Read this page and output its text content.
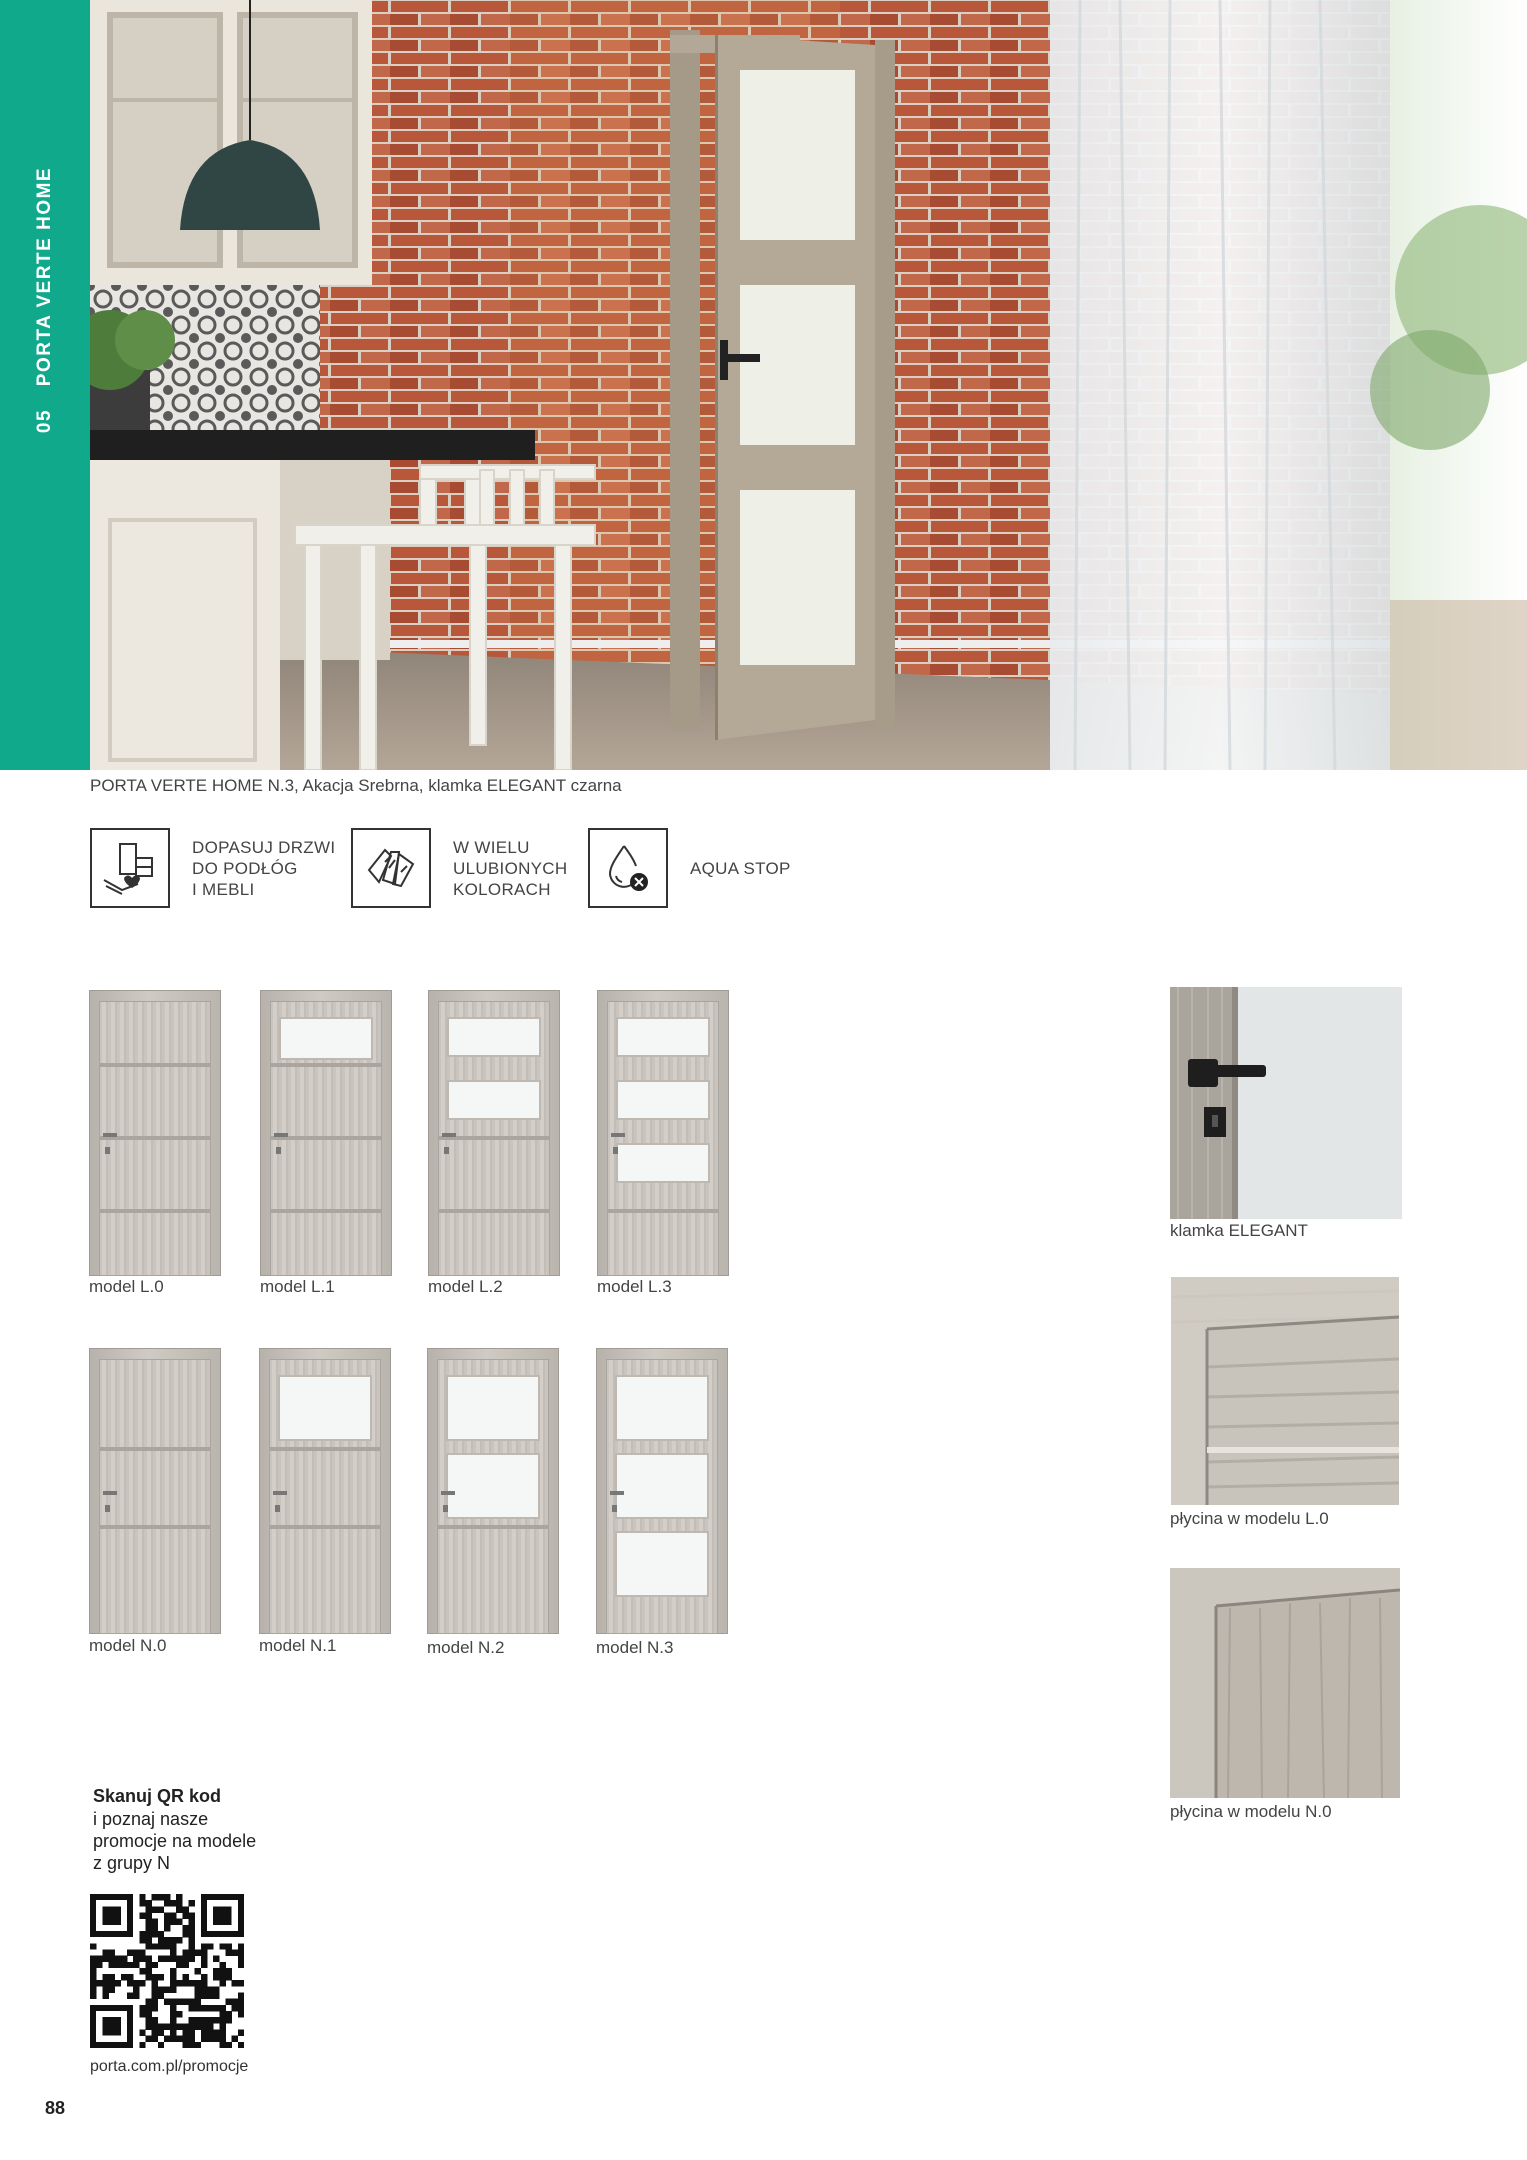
05 PORTA VERTE HOME
PORTA VERTE HOME N.3, Akacja Srebrna, klamka ELEGANT czarna
DOPASUJ DRZWI
DO PODŁÓG
I MEBLI
W WIELU
ULUBIONYCH
KOLORACH
AQUA STOP
model L.0	model L.1	model L.2	model L.3
model N.0	model N.1	model N.2	model N.3
klamka ELEGANT
płycina w modelu L.0
płycina w modelu N.0
Skanuj QR kod
i poznaj nasze
promocje na modele
z grupy N
porta.com.pl/promocje
88
